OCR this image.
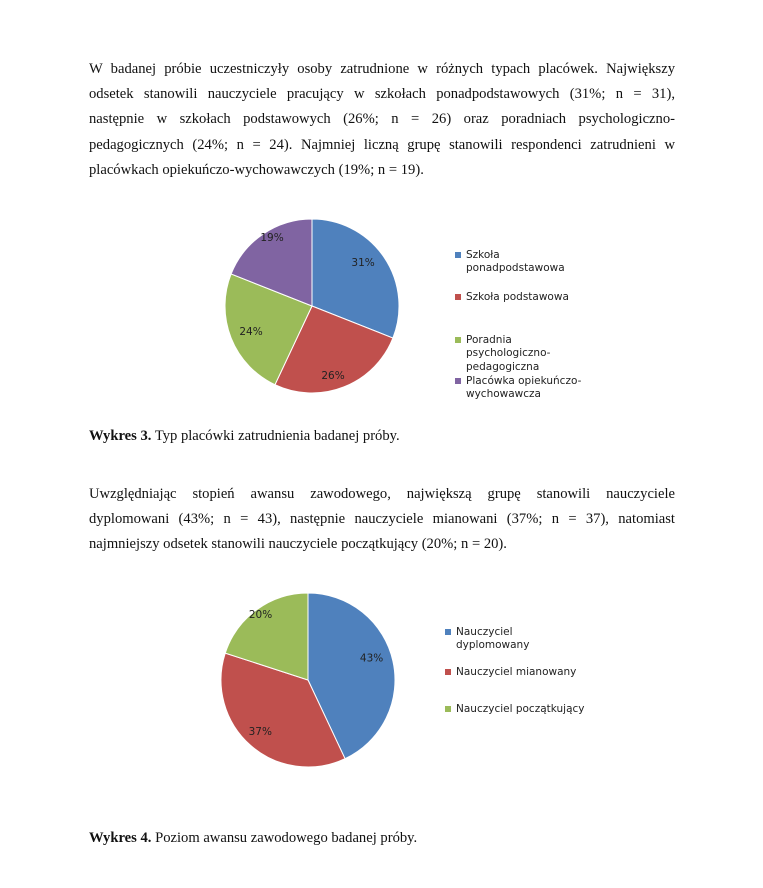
W badanej próbie uczestniczyły osoby zatrudnione w różnych typach placówek. Największy
odsetek stanowili nauczyciele pracujący w szkołach ponadpodstawowych (31%; n = 31),
następnie w szkołach podstawowych (26%; n = 26) oraz poradniach psychologiczno-
pedagogicznych (24%; n = 24). Najmniej liczną grupę stanowili respondenci zatrudnieni w
placówkach opiekuńczo-wychowawczych (19%; n = 19).

31%
26%
24%
19%
Szkoła
ponadpodstawowa
Szkoła podstawowa
Poradnia
psychologiczno-
pedagogiczna
Placówka opiekuńczo-
wychowawcza

Wykres 3. Typ placówki zatrudnienia badanej próby.

Uwzględniając stopień awansu zawodowego, największą grupę stanowili nauczyciele
dyplomowani (43%; n = 43), następnie nauczyciele mianowani (37%; n = 37), natomiast
najmniejszy odsetek stanowili nauczyciele początkujący (20%; n = 20).

43%
37%
20%
Nauczyciel
dyplomowany
Nauczyciel mianowany
Nauczyciel początkujący

Wykres 4. Poziom awansu zawodowego badanej próby.
